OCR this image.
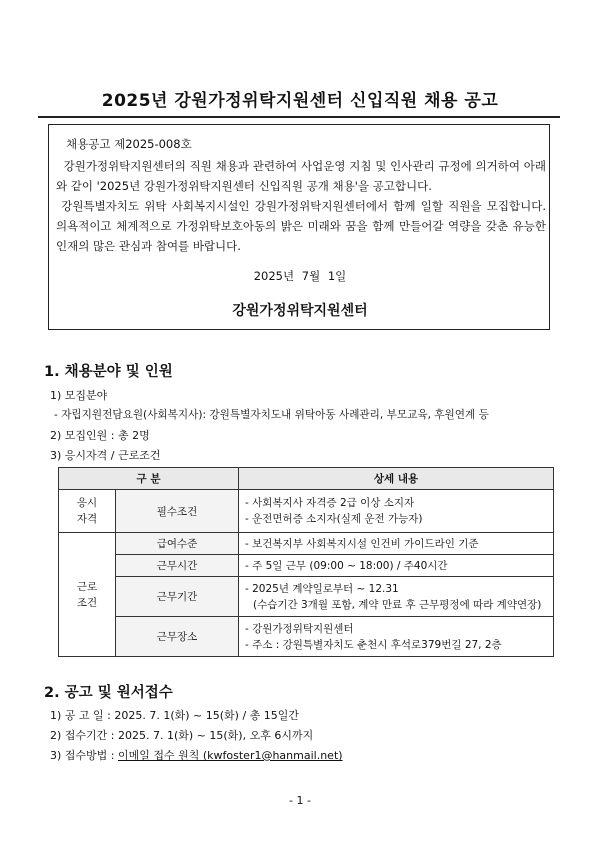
2025년 강원가정위탁지원센터 신입직원 채용 공고
채용공고 제2025-008호

강원가정위탁지원센터의 직원 채용과 관련하여 사업운영 지침 및 인사관리 규정에 의거하여 아래와 같이 '2025년 강원가정위탁지원센터 신입직원 공개 채용'을 공고합니다.

강원특별자치도 위탁 사회복지시설인 강원가정위탁지원센터에서 함께 일할 직원을 모집합니다. 의욕적이고 체계적으로 가정위탁보호아동의 밝은 미래와 꿈을 함께 만들어갈 역량을 갖춘 유능한 인재의 많은 관심과 참여를 바랍니다.

2025년 7월 1일
강원가정위탁지원센터
1. 채용분야 및 인원
1) 모집분야
- 자립지원전담요원(사회복지사): 강원특별자치도내 위탁아동 사례관리, 부모교육, 후원연계 등
2) 모집인원 : 총 2명
3) 응시자격 / 근로조건
구 분		상세 내용

응시
자격	필수조건	- 사회복지사 자격증 2급 이상 소지자
- 운전면허증 소지자(실제 운전 가능자)

근로
조건	급여수준	- 보건복지부 사회복지시설 인건비 가이드라인 기준

	근무시간	- 주 5일 근무 (09:00 ~ 18:00) / 주40시간

	근무기간	- 2025년 계약일로부터 ~ 12.31
(수습기간 3개월 포함, 계약 만료 후 근무평정에 따라 계약연장)

	근무장소	- 강원가정위탁지원센터
- 주소 : 강원특별자치도 춘천시 후석로379번길 27, 2층
2. 공고 및 원서접수
1) 공 고 일 : 2025. 7. 1(화) ~ 15(화) / 총 15일간
2) 접수기간 : 2025. 7. 1(화) ~ 15(화), 오후 6시까지
3) 접수방법 : 이메일 접수 원칙 (kwfoster1@hanmail.net)
- 1 -
